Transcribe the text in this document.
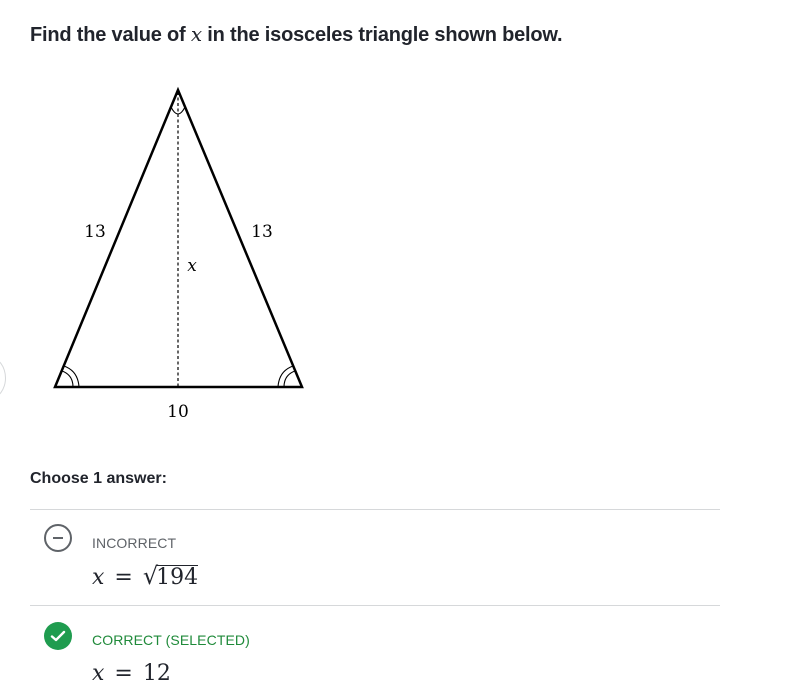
Find the value of x in the isosceles triangle shown below.
13	13
x
10
Choose 1 answer:
INCORRECT
x = √194
CORRECT (SELECTED)
x = 12
